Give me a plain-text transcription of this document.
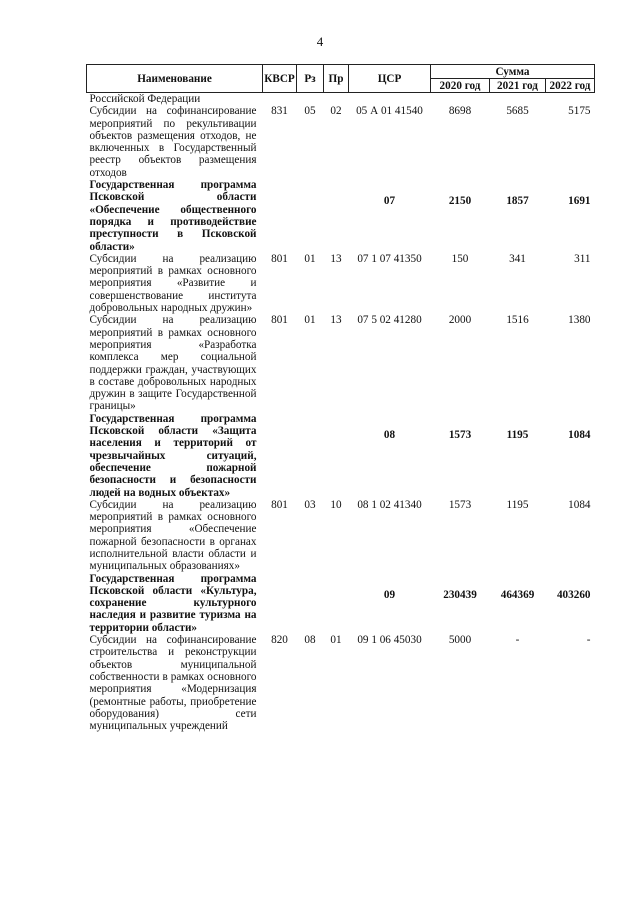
4
Наименование	КВСР	Рз	Пр	ЦСР	Сумма		
					2020 год	2021 год	2022 год
Российской Федерации							
Субсидии на софинансирование мероприятий по рекультивации объектов размещения отходов, не включенных в Государственный реестр объектов размещения отходов	831	05	02	05 А 01 41540	8698	5685	5175
Государственная программа Псковской области «Обеспечение общественного порядка и противодействие преступности в Псковской области»				07	2150	1857	1691
Субсидии на реализацию мероприятий в рамках основного мероприятия «Развитие и совершенствование института добровольных народных дружин»	801	01	13	07 1 07 41350	150	341	311
Субсидии на реализацию мероприятий в рамках основного мероприятия «Разработка комплекса мер социальной поддержки граждан, участвующих в составе добровольных народных дружин в защите Государственной границы»	801	01	13	07 5 02 41280	2000	1516	1380
Государственная программа Псковской области «Защита населения и территорий от чрезвычайных ситуаций, обеспечение пожарной безопасности и безопасности людей на водных объектах»				08	1573	1195	1084
Субсидии на реализацию мероприятий в рамках основного мероприятия «Обеспечение пожарной безопасности в органах исполнительной власти области и муниципальных образованиях»	801	03	10	08 1 02 41340	1573	1195	1084
Государственная программа Псковской области «Культура, сохранение культурного наследия и развитие туризма на территории области»				09	230439	464369	403260
Субсидии на софинансирование строительства и реконструкции объектов муниципальной собственности в рамках основного мероприятия «Модернизация (ремонтные работы, приобретение оборудования) сети муниципальных учреждений	820	08	01	09 1 06 45030	5000	-	-
